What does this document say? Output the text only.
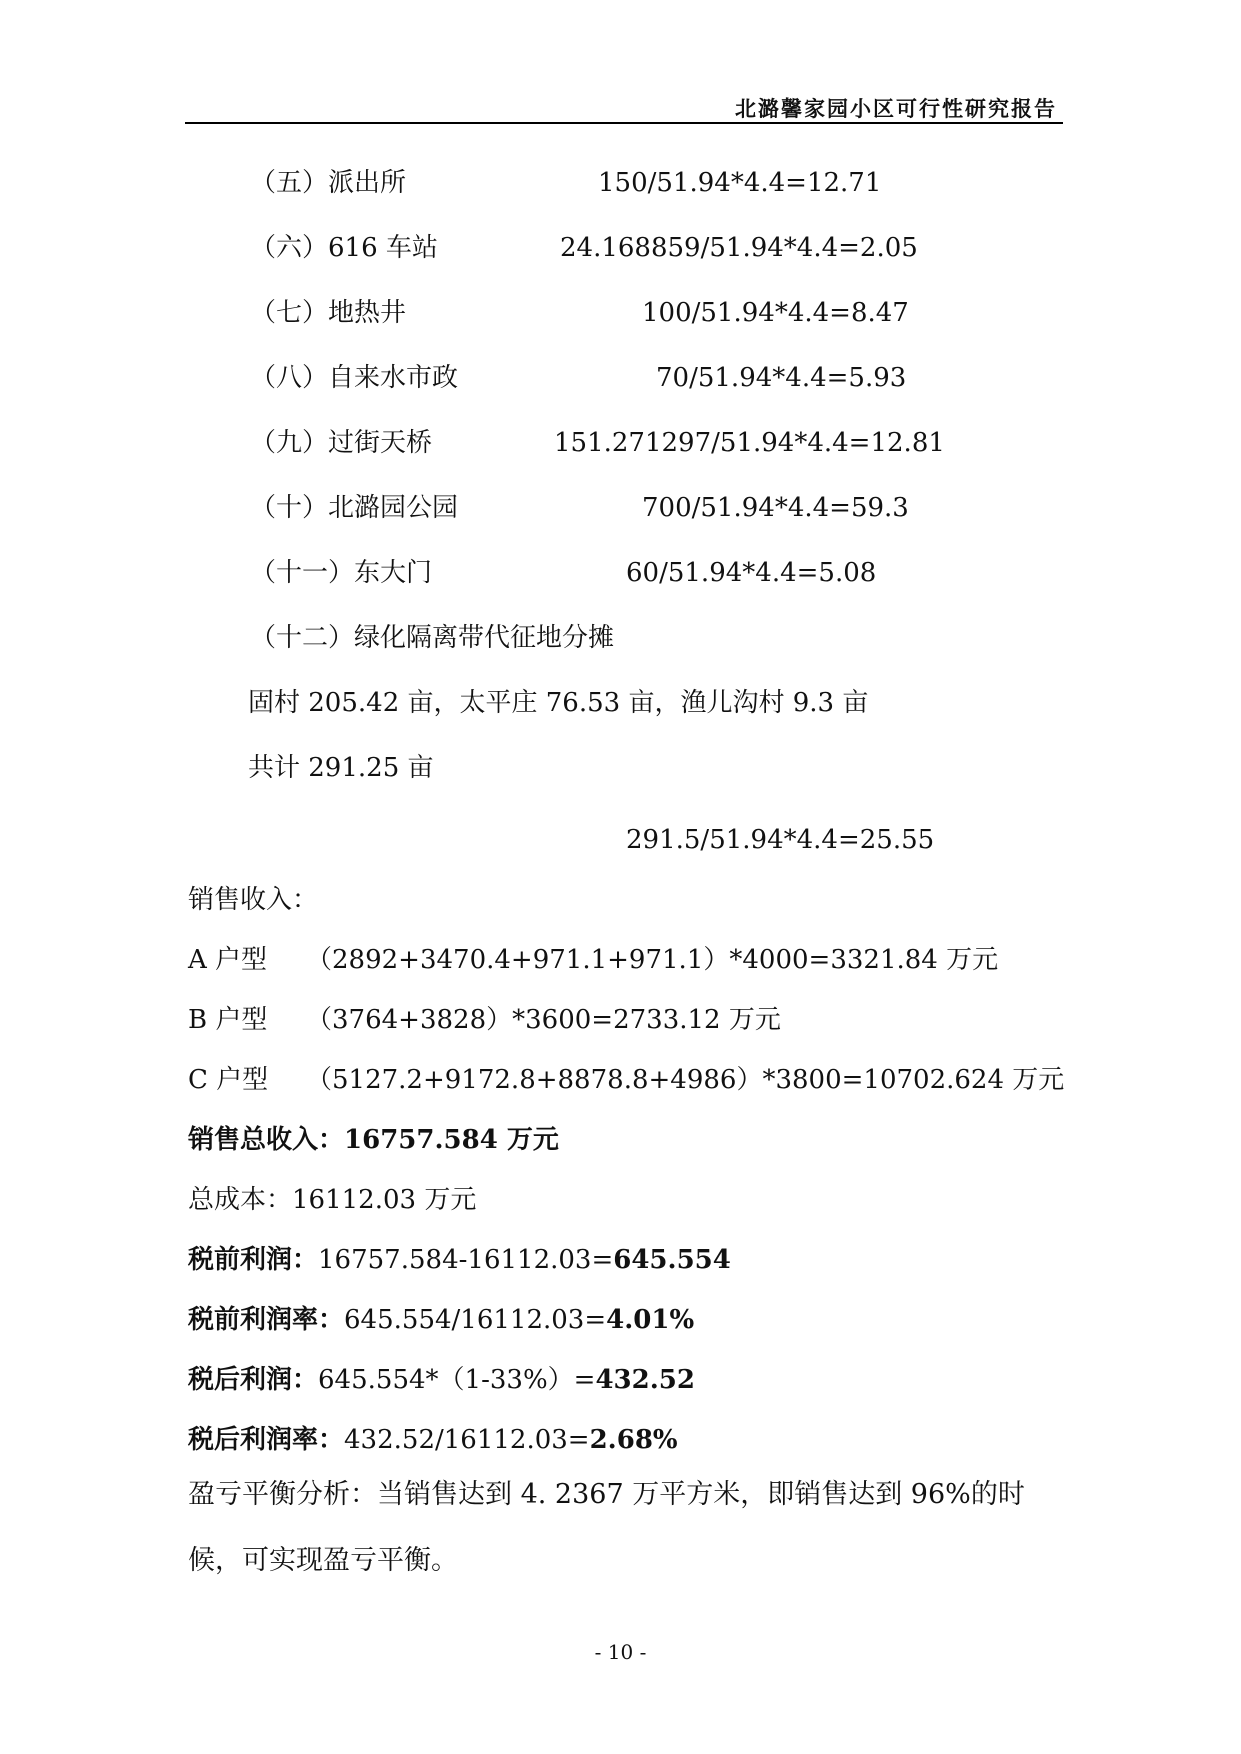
北潞馨家园小区可行性研究报告
（五）派出所	150/51.94*4.4=12.71
（六）616 车站	24.168859/51.94*4.4=2.05
（七）地热井	100/51.94*4.4=8.47
（八）自来水市政	70/51.94*4.4=5.93
（九）过街天桥	151.271297/51.94*4.4=12.81
（十）北潞园公园	700/51.94*4.4=59.3
（十一）东大门	60/51.94*4.4=5.08
（十二）绿化隔离带代征地分摊
固村 205.42 亩，太平庄 76.53 亩，渔儿沟村 9.3 亩
共计 291.25 亩
291.5/51.94*4.4=25.55
销售收入：
A 户型 （2892+3470.4+971.1+971.1）*4000=3321.84 万元
B 户型 （3764+3828）*3600=2733.12 万元
C 户型 （5127.2+9172.8+8878.8+4986）*3800=10702.624 万元
销售总收入：16757.584 万元
总成本：16112.03 万元
税前利润：16757.584-16112.03=645.554
税前利润率：645.554/16112.03=4.01%
税后利润：645.554*（1-33%）=432.52
税后利润率：432.52/16112.03=2.68%
盈亏平衡分析：当销售达到 4. 2367 万平方米，即销售达到 96%的时
候，可实现盈亏平衡。
- 10 -
